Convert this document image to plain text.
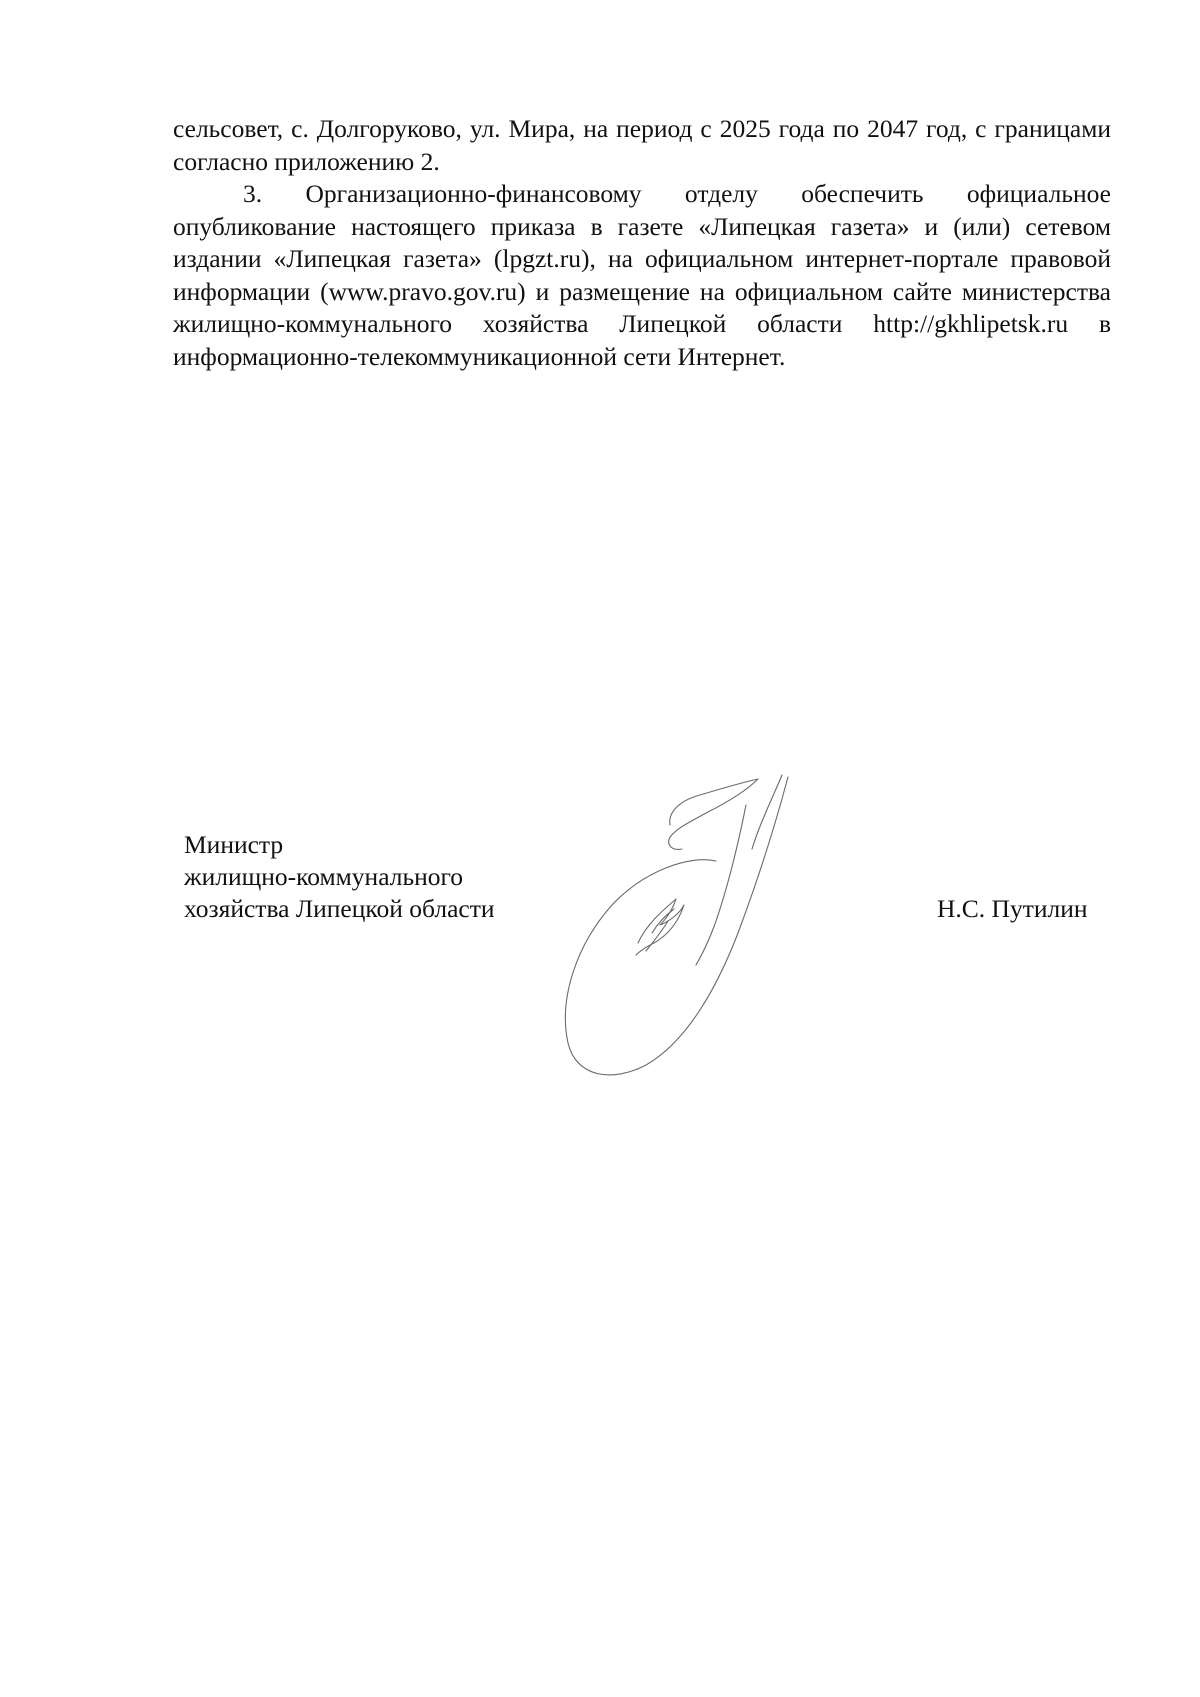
сельсовет, с. Долгоруково, ул. Мира, на период с 2025 года по 2047 год, с границами согласно приложению 2.

3. Организационно-финансовому отделу обеспечить официальное опубликование настоящего приказа в газете «Липецкая газета» и (или) сетевом издании «Липецкая газета» (lpgzt.ru), на официальном интернет-портале правовой информации (www.pravo.gov.ru) и размещение на официальном сайте министерства жилищно-коммунального хозяйства Липецкой области http://gkhlipetsk.ru в информационно-телекоммуникационной сети Интернет.

Министр
жилищно-коммунального
хозяйства Липецкой области	Н.С. Путилин
